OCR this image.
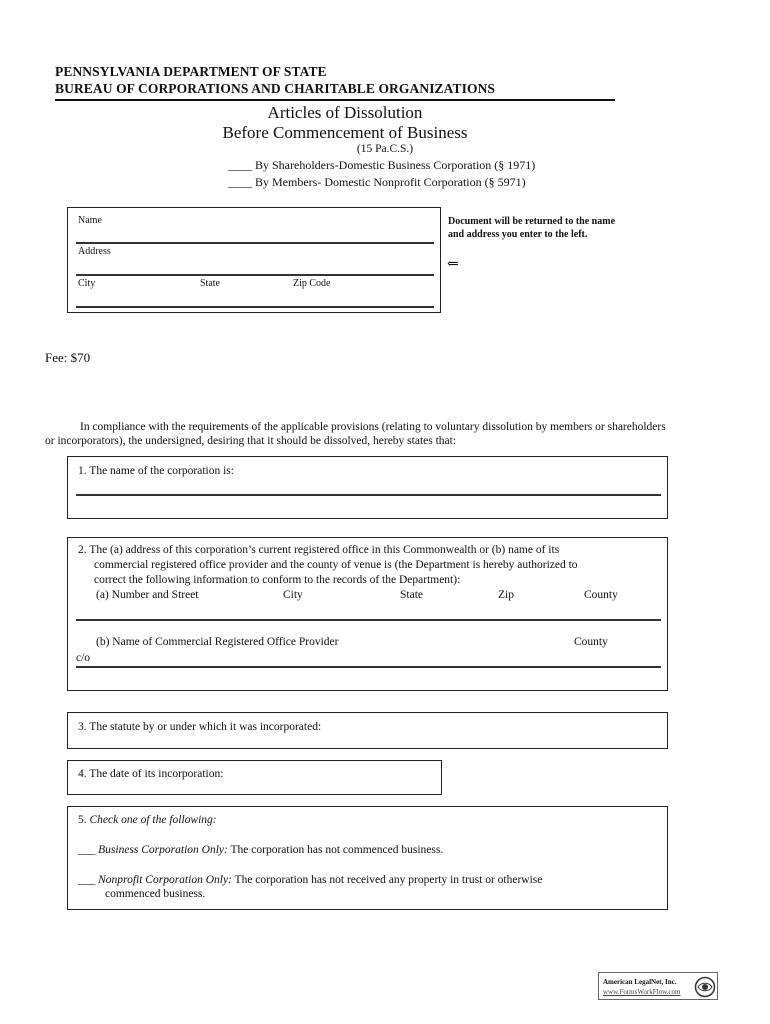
PENNSYLVANIA DEPARTMENT OF STATE
BUREAU OF CORPORATIONS AND CHARITABLE ORGANIZATIONS
Articles of Dissolution
Before Commencement of Business
(15 Pa.C.S.)
____ By Shareholders-Domestic Business Corporation (§ 1971)
____ By Members- Domestic Nonprofit Corporation (§ 5971)
Name
Address
City	State	Zip Code
Document will be returned to the name and address you enter to the left.
⇐
Fee: $70
In compliance with the requirements of the applicable provisions (relating to voluntary dissolution by members or shareholders
or incorporators), the undersigned, desiring that it should be dissolved, hereby states that:
1. The name of the corporation is:
2. The (a) address of this corporation’s current registered office in this Commonwealth or (b) name of its
commercial registered office provider and the county of venue is (the Department is hereby authorized to
correct the following information to conform to the records of the Department):
(a) Number and Street	City	State	Zip	County
(b) Name of Commercial Registered Office Provider	County
c/o
3. The statute by or under which it was incorporated:
4. The date of its incorporation:
5. Check one of the following:
___ Business Corporation Only: The corporation has not commenced business.
___ Nonprofit Corporation Only: The corporation has not received any property in trust or otherwise
commenced business.
American LegalNet, Inc.
www.FormsWorkFlow.com
